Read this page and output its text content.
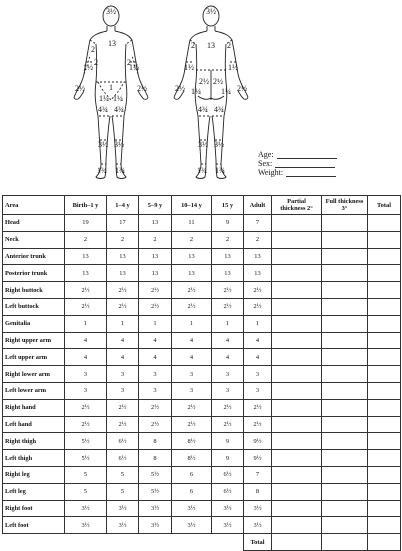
3½
13
2
2	2
1½	1½
1
1¼ 1¼
4¾ 4¾
3½ 3½
1¾ 1¾
2½	2½
3½
2 13 2
2½ 2½
1½	1½
1¼	1¼
4¾ 4¾
3½ 3½
1¾ 1¾
2½	2½
Age:
Sex:
Weight:
Area	Birth–1 y	1–4 y	5–9 y	10–14 y	15 y	Adult	Partial thickness 2°	Full thickness 3°	Total
Head	19	17	13	11	9	7			
Neck	2	2	2	2	2	2			
Anterior trunk	13	13	13	13	13	13			
Posterior trunk	13	13	13	13	13	13			
Right buttock	2½	2½	2½	2½	2½	2½			
Left buttock	2½	2½	2½	2½	2½	2½			
Genitalia	1	1	1	1	1	1			
Right upper arm	4	4	4	4	4	4			
Left upper arm	4	4	4	4	4	4			
Right lower arm	3	3	3	3	3	3			
Left lower arm	3	3	3	3	3	3			
Right hand	2½	2½	2½	2½	2½	2½			
Left hand	2½	2½	2½	2½	2½	2½			
Right thigh	5½	6½	8	8½	9	9½			
Left thigh	5½	6½	8	8½	9	9½			
Right leg	5	5	5½	6	6½	7			
Left leg	5	5	5½	6	6½	8			
Right foot	3½	3½	3½	3½	3½	3½			
Left foot	3½	3½	3½	3½	3½	3½			
						Total			
